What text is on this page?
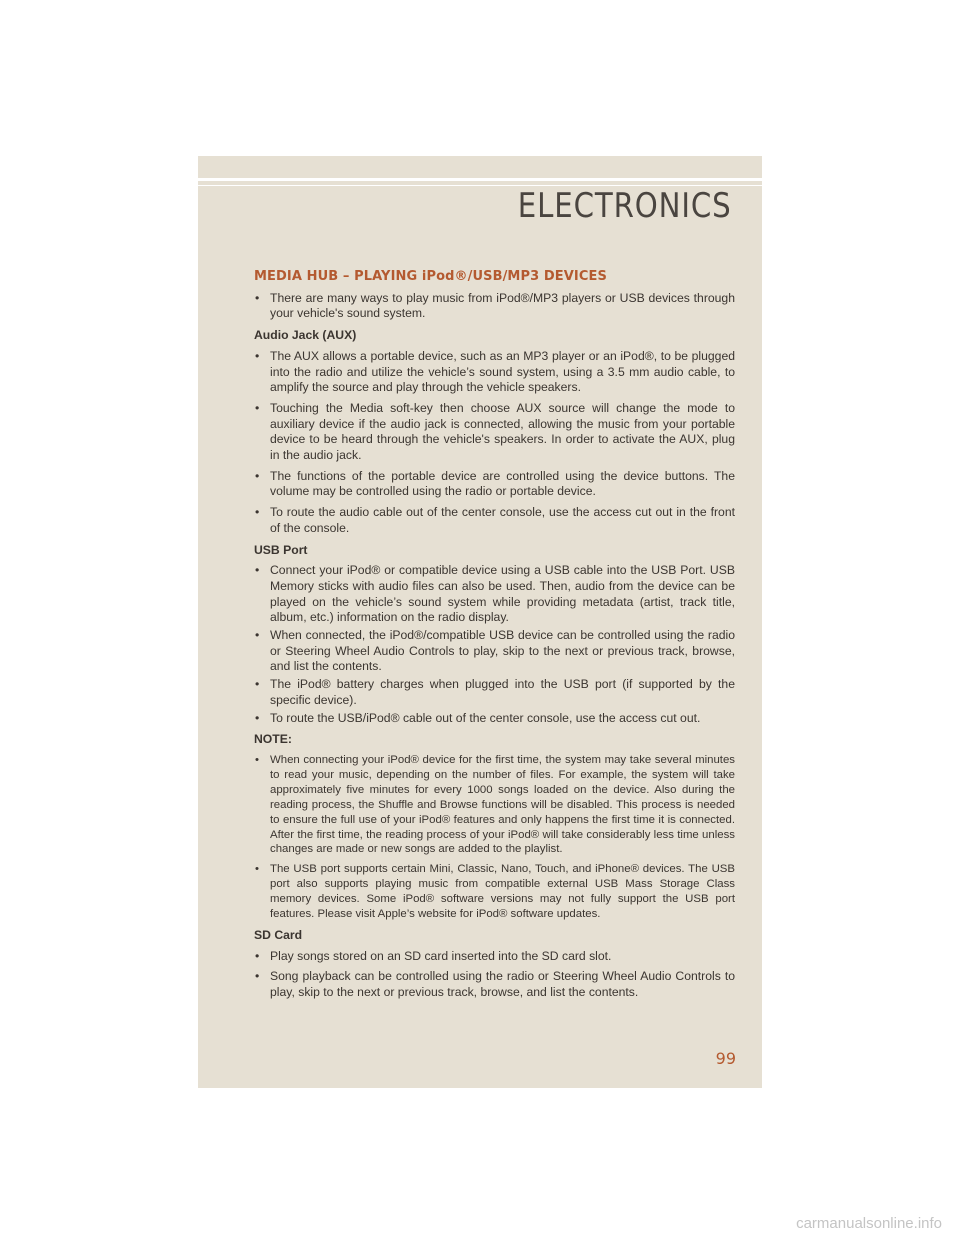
ELECTRONICS
MEDIA HUB – PLAYING iPod®/USB/MP3 DEVICES
• There are many ways to play music from iPod®/MP3 players or USB devices through your vehicle's sound system.
Audio Jack (AUX)
• The AUX allows a portable device, such as an MP3 player or an iPod®, to be plugged into the radio and utilize the vehicle’s sound system, using a 3.5 mm audio cable, to amplify the source and play through the vehicle speakers.
• Touching the Media soft-key then choose AUX source will change the mode to auxiliary device if the audio jack is connected, allowing the music from your portable device to be heard through the vehicle's speakers. In order to activate the AUX, plug in the audio jack.
• The functions of the portable device are controlled using the device buttons. The volume may be controlled using the radio or portable device.
• To route the audio cable out of the center console, use the access cut out in the front of the console.
USB Port
• Connect your iPod® or compatible device using a USB cable into the USB Port. USB Memory sticks with audio files can also be used. Then, audio from the device can be played on the vehicle’s sound system while providing metadata (artist, track title, album, etc.) information on the radio display.
• When connected, the iPod®/compatible USB device can be controlled using the radio or Steering Wheel Audio Controls to play, skip to the next or previous track, browse, and list the contents.
• The iPod® battery charges when plugged into the USB port (if supported by the specific device).
• To route the USB/iPod® cable out of the center console, use the access cut out.
NOTE:
• When connecting your iPod® device for the first time, the system may take several minutes to read your music, depending on the number of files. For example, the system will take approximately five minutes for every 1000 songs loaded on the device. Also during the reading process, the Shuffle and Browse functions will be disabled. This process is needed to ensure the full use of your iPod® features and only happens the first time it is connected. After the first time, the reading process of your iPod® will take considerably less time unless changes are made or new songs are added to the playlist.
• The USB port supports certain Mini, Classic, Nano, Touch, and iPhone® devices. The USB port also supports playing music from compatible external USB Mass Storage Class memory devices. Some iPod® software versions may not fully support the USB port features. Please visit Apple’s website for iPod® software updates.
SD Card
• Play songs stored on an SD card inserted into the SD card slot.
• Song playback can be controlled using the radio or Steering Wheel Audio Controls to play, skip to the next or previous track, browse, and list the contents.
99
carmanualsonline.info
